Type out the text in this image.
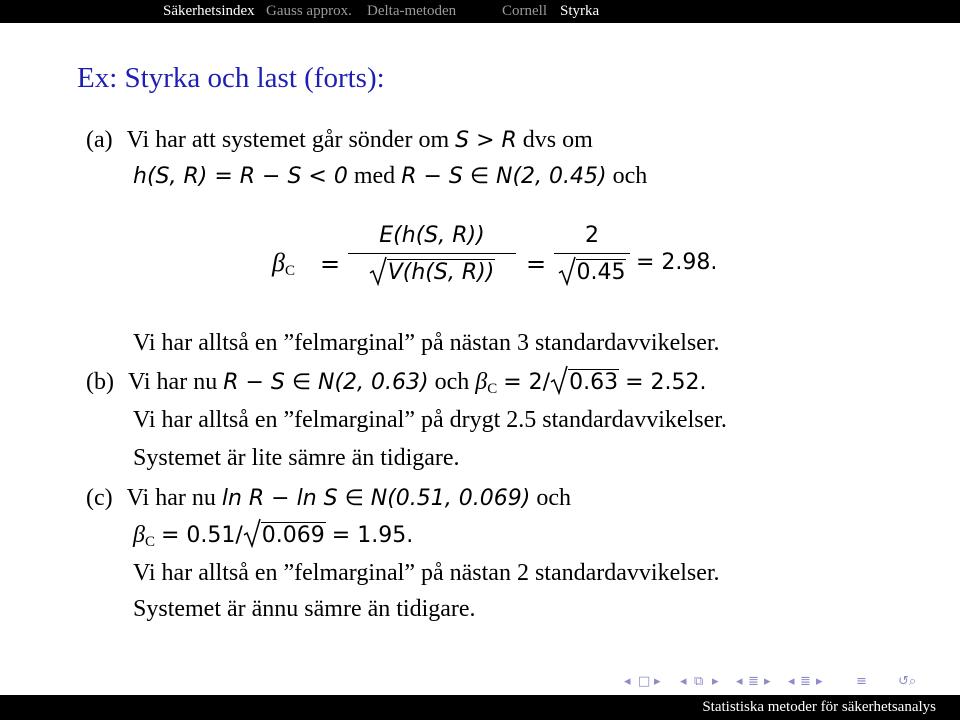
Säkerhetsindex Gauss approx. Delta-metoden	Cornell Styrka
Ex: Styrka och last (forts):
(a) Vi har att systemet går sönder om S > R dvs om
h(S, R) = R − S < 0 med R − S ∈ N(2, 0.45) och
$\beta_C$ =
E(h(S, R))
V(h(S, R))	=
2
0.45 = 2.98.
Vi har alltså en ”felmarginal” på nästan 3 standardavvikelser.
(b) Vi har nu R − S ∈ N(2, 0.63) och $\beta_C = 2/$ 0.63 = 2.52.
Vi har alltså en ”felmarginal” på drygt 2.5 standardavvikelser.
Systemet är lite sämre än tidigare.
(c) Vi har nu ln R − ln S ∈ N(0.51, 0.069) och
$\beta_C = 0.51/$ 0.069 = 1.95.
Vi har alltså en ”felmarginal” på nästan 2 standardavvikelser.
Systemet är ännu sämre än tidigare.
◂ □ ▸ ◂ ⧉ ▸ ◂ ≣ ▸ ◂ ≣ ▸	≡ ↺⌕
Statistiska metoder för säkerhetsanalys
